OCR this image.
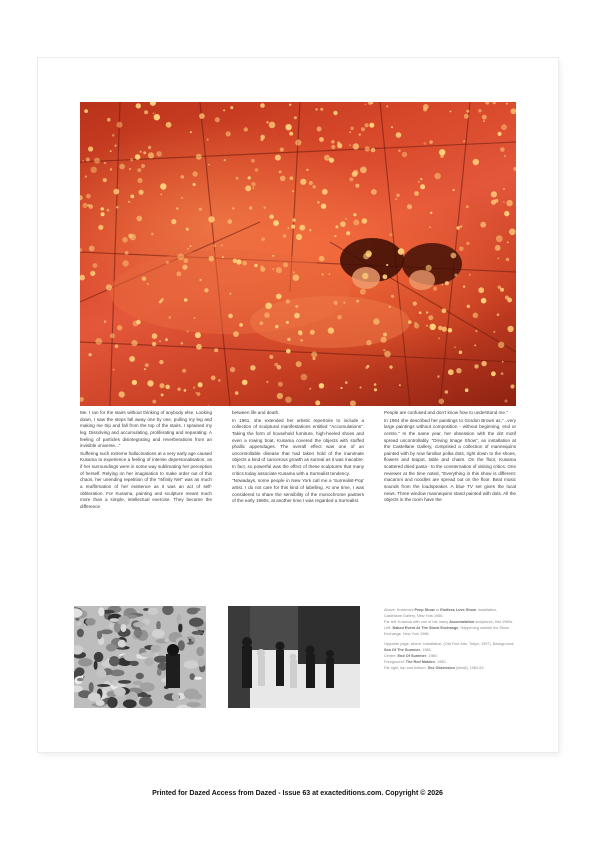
Me. I ran for the stairs without thinking of anybody else. Looking down, I saw the steps fall away one by one, pulling my leg and making me trip and fall from the top of the stairs. I sprained my leg. Dissolving and accumulating, proliferating and separating. A feeling of particles disintegrating and reverberations from an invisible universe..."

Suffering such extreme hallucinations at a very early age caused Kusama to experience a feeling of intense depersonalisation, as if her surroundings were in some way sublimating her perception of herself. Relying on her imagination to make order out of this chaos, her unending repetition of the "Infinity Net" was as much a reaffirmation of her existence as it was an act of self-obliteration. For Kusama, painting and sculpture meant much more than a simple, intellectual exercise. They became the difference

between life and death.

In 1961, she extended her artistic repertoire to include a collection of sculptural manifestations entitled "Accumulations". Taking the form of household furniture, high-heeled shoes and even a rowing boat, Kusama covered the objects with stuffed phallic appendages. The overall effect was one of an uncontrollable disease that had taken hold of the inanimate objects a kind of cancerous growth as surreal as it was macabre. In fact, so powerful was the effect of these sculptures that many critics today associate Kusama with a Surrealist tendency.

"Nowadays, some people in New York call me a 'Surrealist-Pop' artist. I do not care for this kind of labelling. At one time, I was considered to share the sensibility of the monochrome painters of the early 1960s, at another time I was regarded a Surrealist.

People are confused and don't know how to understand me."

In 1964 she described her paintings to Gordon Brown as,"...very large paintings without composition - without beginning, end or centre." In the same year, her obsession with the dot motif spread uncontrollably. "Driving Image Show", an installation at the Castellane Gallery, comprised a collection of mannequins painted with by now familiar polka dots, right down to the shoes, flowers and teapot, table and chairs. On the floor, Kusama scattered dried pasta - to the consternation of visiting critics. One reviewer at the time noted, "Everything in this show is different: macaroni and noodles are spread out on the floor. Beat music sounds from the loudspeaker. A blue TV set gives the local news. Three window mannequins stand painted with dots. All the objects in the room have the

Above: Kusama's Peep Show or Endless Love Show, installation, Castellane Gallery, New York 1966.

Far left: Kusama with one of her many Accumulation sculptures, first 1960s.

Left: Naked Event At The Stock Exchange, Happening outside the Stock Exchange, New York 1968.

Opposite page, above: Installation, (Ota Fine Arts, Tokyo, 1997). Background: Sea Of The Summer, 1985.

Centre: End Of Summer, 1980.

Foreground: The Red Maiden, 1980.

Far right, top and bottom: Sex Obsession (detail), 1962-64

Printed for Dazed Access from Dazed - Issue 63 at exacteditions.com. Copyright © 2026
